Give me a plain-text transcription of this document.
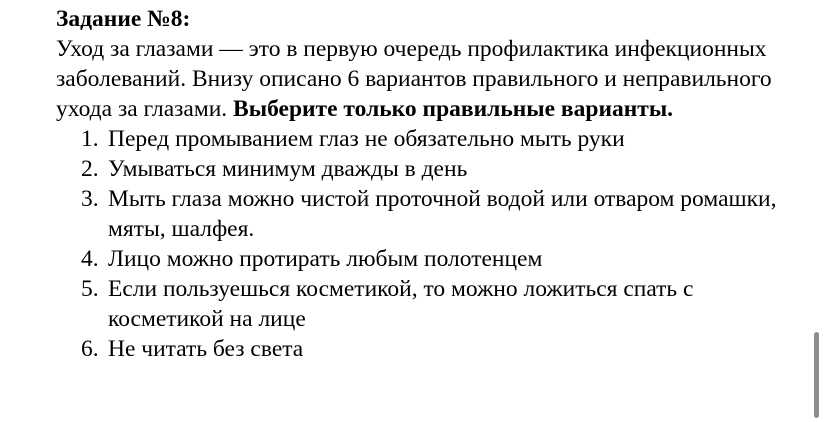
Задание №8:

Уход за глазами — это в первую очередь профилактика инфекционных заболеваний. Внизу описано 6 вариантов правильного и неправильного ухода за глазами. Выберите только правильные варианты.

1. Перед промыванием глаз не обязательно мыть руки
2. Умываться минимум дважды в день
3. Мыть глаза можно чистой проточной водой или отваром ромашки, мяты, шалфея.
4. Лицо можно протирать любым полотенцем
5. Если пользуешься косметикой, то можно ложиться спать с косметикой на лице
6. Не читать без света
